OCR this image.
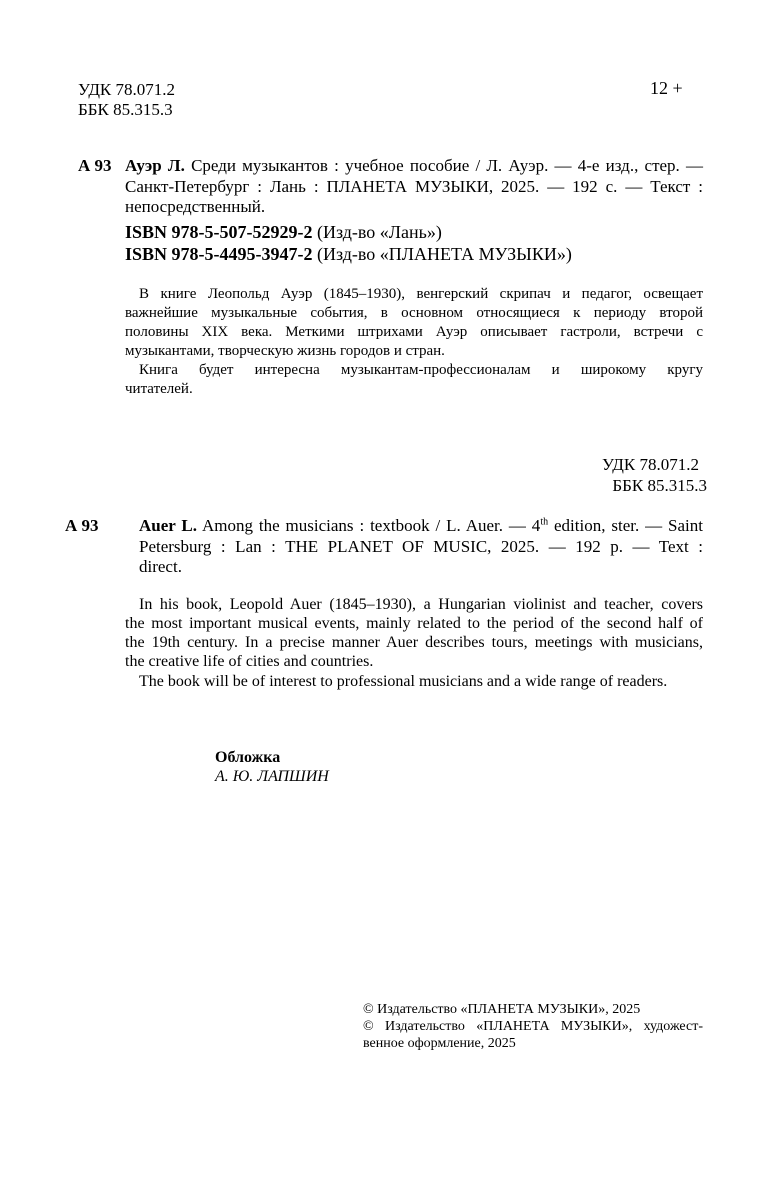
УДК 78.071.2
ББК 85.315.3
12 +
А 93 Ауэр Л. Среди музыкантов : учебное пособие / Л. Ауэр. — 4-е изд., стер. —
Санкт-Петербург : Лань : ПЛАНЕТА МУЗЫКИ, 2025. — 192 с. — Текст :
непосредственный.
ISBN 978-5-507-52929-2 (Изд-во «Лань»)
ISBN 978-5-4495-3947-2 (Изд-во «ПЛАНЕТА МУЗЫКИ»)
В книге Леопольд Ауэр (1845–1930), венгерский скрипач и педагог, освещает
важнейшие музыкальные события, в основном относящиеся к периоду второй
половины XIX века. Меткими штрихами Ауэр описывает гастроли, встречи с
музыкантами, творческую жизнь городов и стран.
Книга будет интересна музыкантам-профессионалам и широкому кругу
читателей.
УДК 78.071.2
ББК 85.315.3
А 93 Auer L. Among the musicians : textbook / L. Auer. — 4th edition, ster. — Saint
Petersburg : Lan : THE PLANET OF MUSIC, 2025. — 192 p. — Text :
direct.
In his book, Leopold Auer (1845–1930), a Hungarian violinist and teacher, covers
the most important musical events, mainly related to the period of the second half of
the 19th century. In a precise manner Auer describes tours, meetings with musicians,
the creative life of cities and countries.
The book will be of interest to professional musicians and a wide range of readers.
Обложка
А. Ю. ЛАПШИН
© Издательство «ПЛАНЕТА МУЗЫКИ», 2025
© Издательство «ПЛАНЕТА МУЗЫКИ», художест-
венное оформление, 2025
